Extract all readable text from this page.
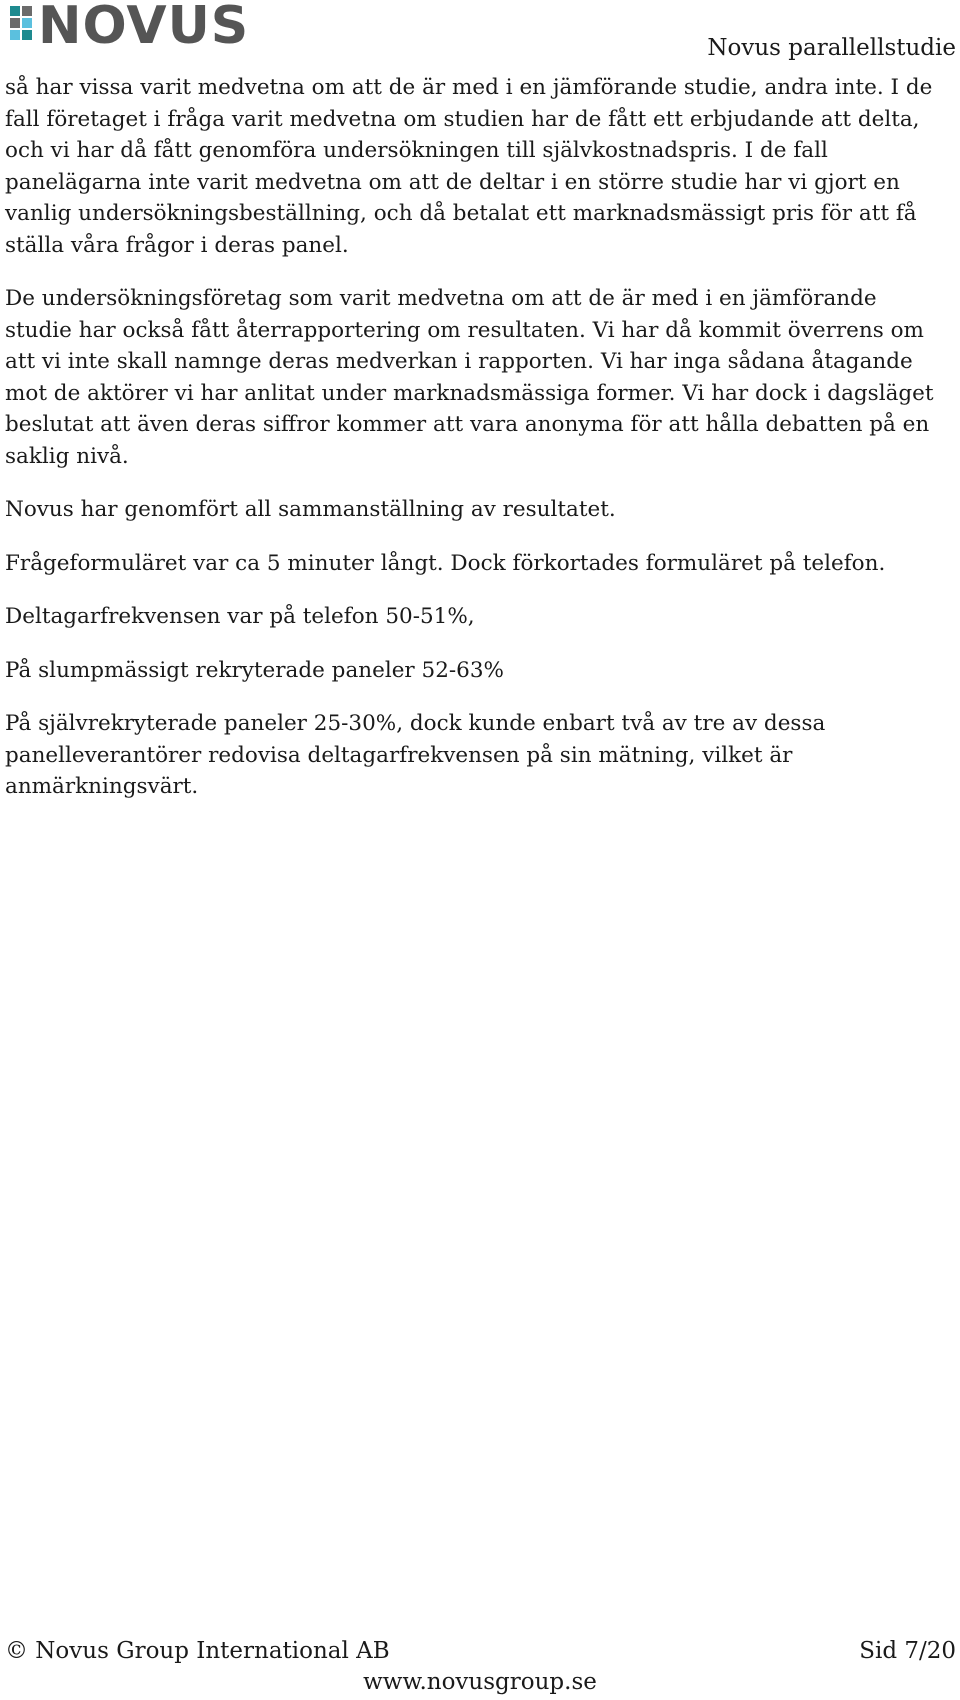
NOVUS	Novus parallellstudie

så har vissa varit medvetna om att de är med i en jämförande studie, andra inte. I de fall företaget i fråga varit medvetna om studien har de fått ett erbjudande att delta, och vi har då fått genomföra undersökningen till självkostnadspris. I de fall panelägarna inte varit medvetna om att de deltar i en större studie har vi gjort en vanlig undersökningsbeställning, och då betalat ett marknadsmässigt pris för att få ställa våra frågor i deras panel.

De undersökningsföretag som varit medvetna om att de är med i en jämförande studie har också fått återrapportering om resultaten. Vi har då kommit överrens om att vi inte skall namnge deras medverkan i rapporten. Vi har inga sådana åtagande mot de aktörer vi har anlitat under marknadsmässiga former. Vi har dock i dagsläget beslutat att även deras siffror kommer att vara anonyma för att hålla debatten på en saklig nivå.

Novus har genomfört all sammanställning av resultatet.

Frågeformuläret var ca 5 minuter långt. Dock förkortades formuläret på telefon.

Deltagarfrekvensen var på telefon 50-51%,

På slumpmässigt rekryterade paneler 52-63%

På självrekryterade paneler 25-30%, dock kunde enbart två av tre av dessa panelleverantörer redovisa deltagarfrekvensen på sin mätning, vilket är anmärkningsvärt.

© Novus Group International AB	Sid 7/20
www.novusgroup.se
